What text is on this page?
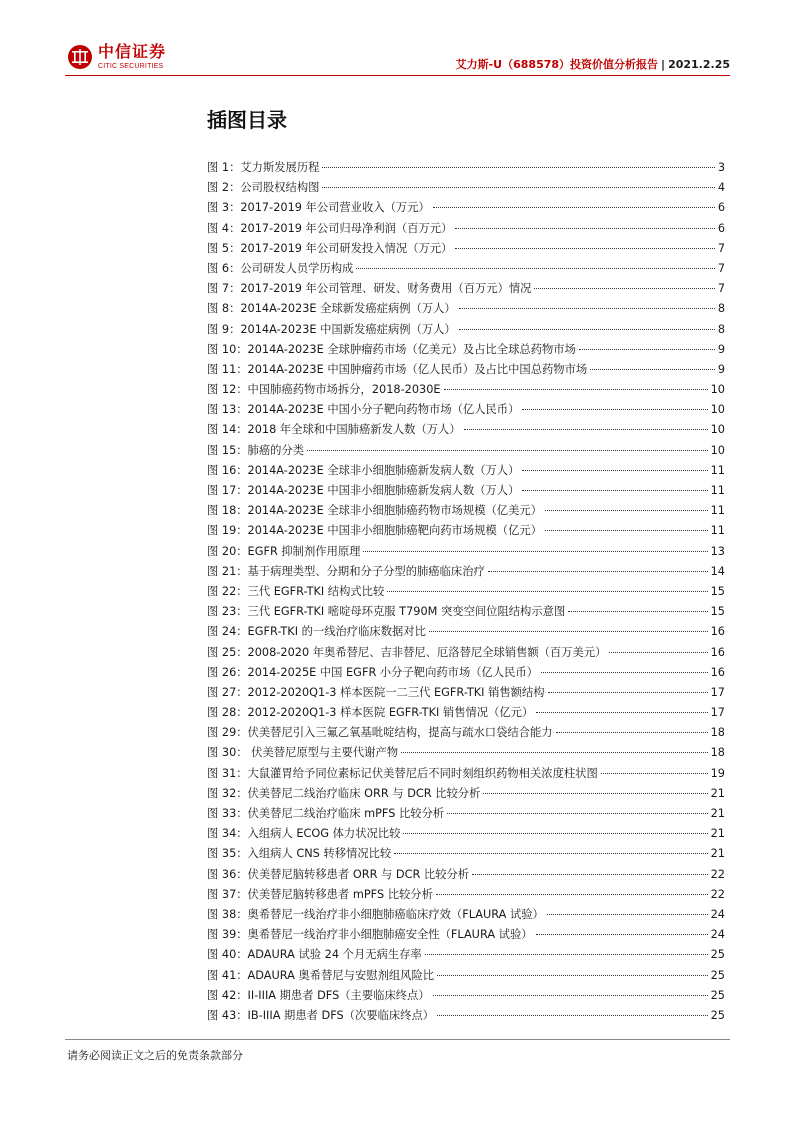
中信证券
CITIC SECURITIES	艾力斯-U（688578）投资价值分析报告 | 2021.2.25
插图目录
图 1：艾力斯发展历程	3
图 2：公司股权结构图	4
图 3：2017-2019 年公司营业收入（万元）	6
图 4：2017-2019 年公司归母净利润（百万元）	6
图 5：2017-2019 年公司研发投入情况（万元）	7
图 6：公司研发人员学历构成	7
图 7：2017-2019 年公司管理、研发、财务费用（百万元）情况	7
图 8：2014A-2023E 全球新发癌症病例（万人）	8
图 9：2014A-2023E 中国新发癌症病例（万人）	8
图 10：2014A-2023E 全球肿瘤药市场（亿美元）及占比全球总药物市场	9
图 11：2014A-2023E 中国肿瘤药市场（亿人民币）及占比中国总药物市场	9
图 12：中国肺癌药物市场拆分，2018-2030E	10
图 13：2014A-2023E 中国小分子靶向药物市场（亿人民币）	10
图 14：2018 年全球和中国肺癌新发人数（万人）	10
图 15：肺癌的分类	10
图 16：2014A-2023E 全球非小细胞肺癌新发病人数（万人）	11
图 17：2014A-2023E 中国非小细胞肺癌新发病人数（万人）	11
图 18：2014A-2023E 全球非小细胞肺癌药物市场规模（亿美元）	11
图 19：2014A-2023E 中国非小细胞肺癌靶向药市场规模（亿元）	11
图 20：EGFR 抑制剂作用原理	13
图 21：基于病理类型、分期和分子分型的肺癌临床治疗	14
图 22：三代 EGFR-TKI 结构式比较	15
图 23：三代 EGFR-TKI 嘧啶母环克服 T790M 突变空间位阻结构示意图	15
图 24：EGFR-TKI 的一线治疗临床数据对比	16
图 25：2008-2020 年奥希替尼、吉非替尼、厄洛替尼全球销售额（百万美元）	16
图 26：2014-2025E 中国 EGFR 小分子靶向药市场（亿人民币）	16
图 27：2012-2020Q1-3 样本医院一二三代 EGFR-TKI 销售额结构	17
图 28：2012-2020Q1-3 样本医院 EGFR-TKI 销售情况（亿元）	17
图 29：伏美替尼引入三氟乙氧基吡啶结构，提高与疏水口袋结合能力	18
图 30： 伏美替尼原型与主要代谢产物	18
图 31：大鼠灌胃给予同位素标记伏美替尼后不同时刻组织药物相关浓度柱状图	19
图 32：伏美替尼二线治疗临床 ORR 与 DCR 比较分析	21
图 33：伏美替尼二线治疗临床 mPFS 比较分析	21
图 34：入组病人 ECOG 体力状况比较	21
图 35：入组病人 CNS 转移情况比较	21
图 36：伏美替尼脑转移患者 ORR 与 DCR 比较分析	22
图 37：伏美替尼脑转移患者 mPFS 比较分析	22
图 38：奥希替尼一线治疗非小细胞肺癌临床疗效（FLAURA 试验）	24
图 39：奥希替尼一线治疗非小细胞肺癌安全性（FLAURA 试验）	24
图 40：ADAURA 试验 24 个月无病生存率	25
图 41：ADAURA 奥希替尼与安慰剂组风险比	25
图 42：II-IIIA 期患者 DFS（主要临床终点）	25
图 43：IB-IIIA 期患者 DFS（次要临床终点）	25
请务必阅读正文之后的免责条款部分
